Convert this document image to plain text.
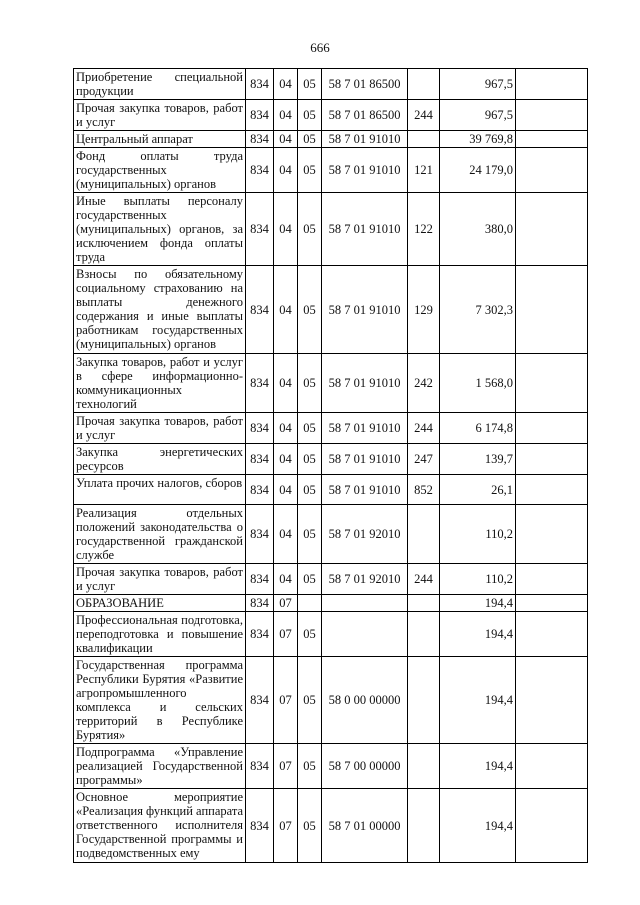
666
Приобретение специальной продукции	834	04	05	58 7 01 86500		967,5	
Прочая закупка товаров, работ и услуг	834	04	05	58 7 01 86500	244	967,5	
Центральный аппарат	834	04	05	58 7 01 91010		39 769,8	
Фонд оплаты труда государственных (муниципальных) органов	834	04	05	58 7 01 91010	121	24 179,0	
Иные выплаты персоналу государственных (муниципальных) органов, за исключением фонда оплаты труда	834	04	05	58 7 01 91010	122	380,0	
Взносы по обязательному социальному страхованию на выплаты денежного содержания и иные выплаты работникам государственных (муниципальных) органов	834	04	05	58 7 01 91010	129	7 302,3	
Закупка товаров, работ и услуг в сфере информационно-коммуникационных технологий	834	04	05	58 7 01 91010	242	1 568,0	
Прочая закупка товаров, работ и услуг	834	04	05	58 7 01 91010	244	6 174,8	
Закупка энергетических ресурсов	834	04	05	58 7 01 91010	247	139,7	
Уплата прочих налогов, сборов	834	04	05	58 7 01 91010	852	26,1	
Реализация отдельных положений законодательства о государственной гражданской службе	834	04	05	58 7 01 92010		110,2	
Прочая закупка товаров, работ и услуг	834	04	05	58 7 01 92010	244	110,2	
ОБРАЗОВАНИЕ	834	07				194,4	
Профессиональная подготовка, переподготовка и повышение квалификации	834	07	05			194,4	
Государственная программа Республики Бурятия «Развитие агропромышленного комплекса и сельских территорий в Республике Бурятия»	834	07	05	58 0 00 00000		194,4	
Подпрограмма «Управление реализацией Государственной программы»	834	07	05	58 7 00 00000		194,4	
Основное мероприятие «Реализация функций аппарата ответственного исполнителя Государственной программы и подведомственных ему	834	07	05	58 7 01 00000		194,4	
